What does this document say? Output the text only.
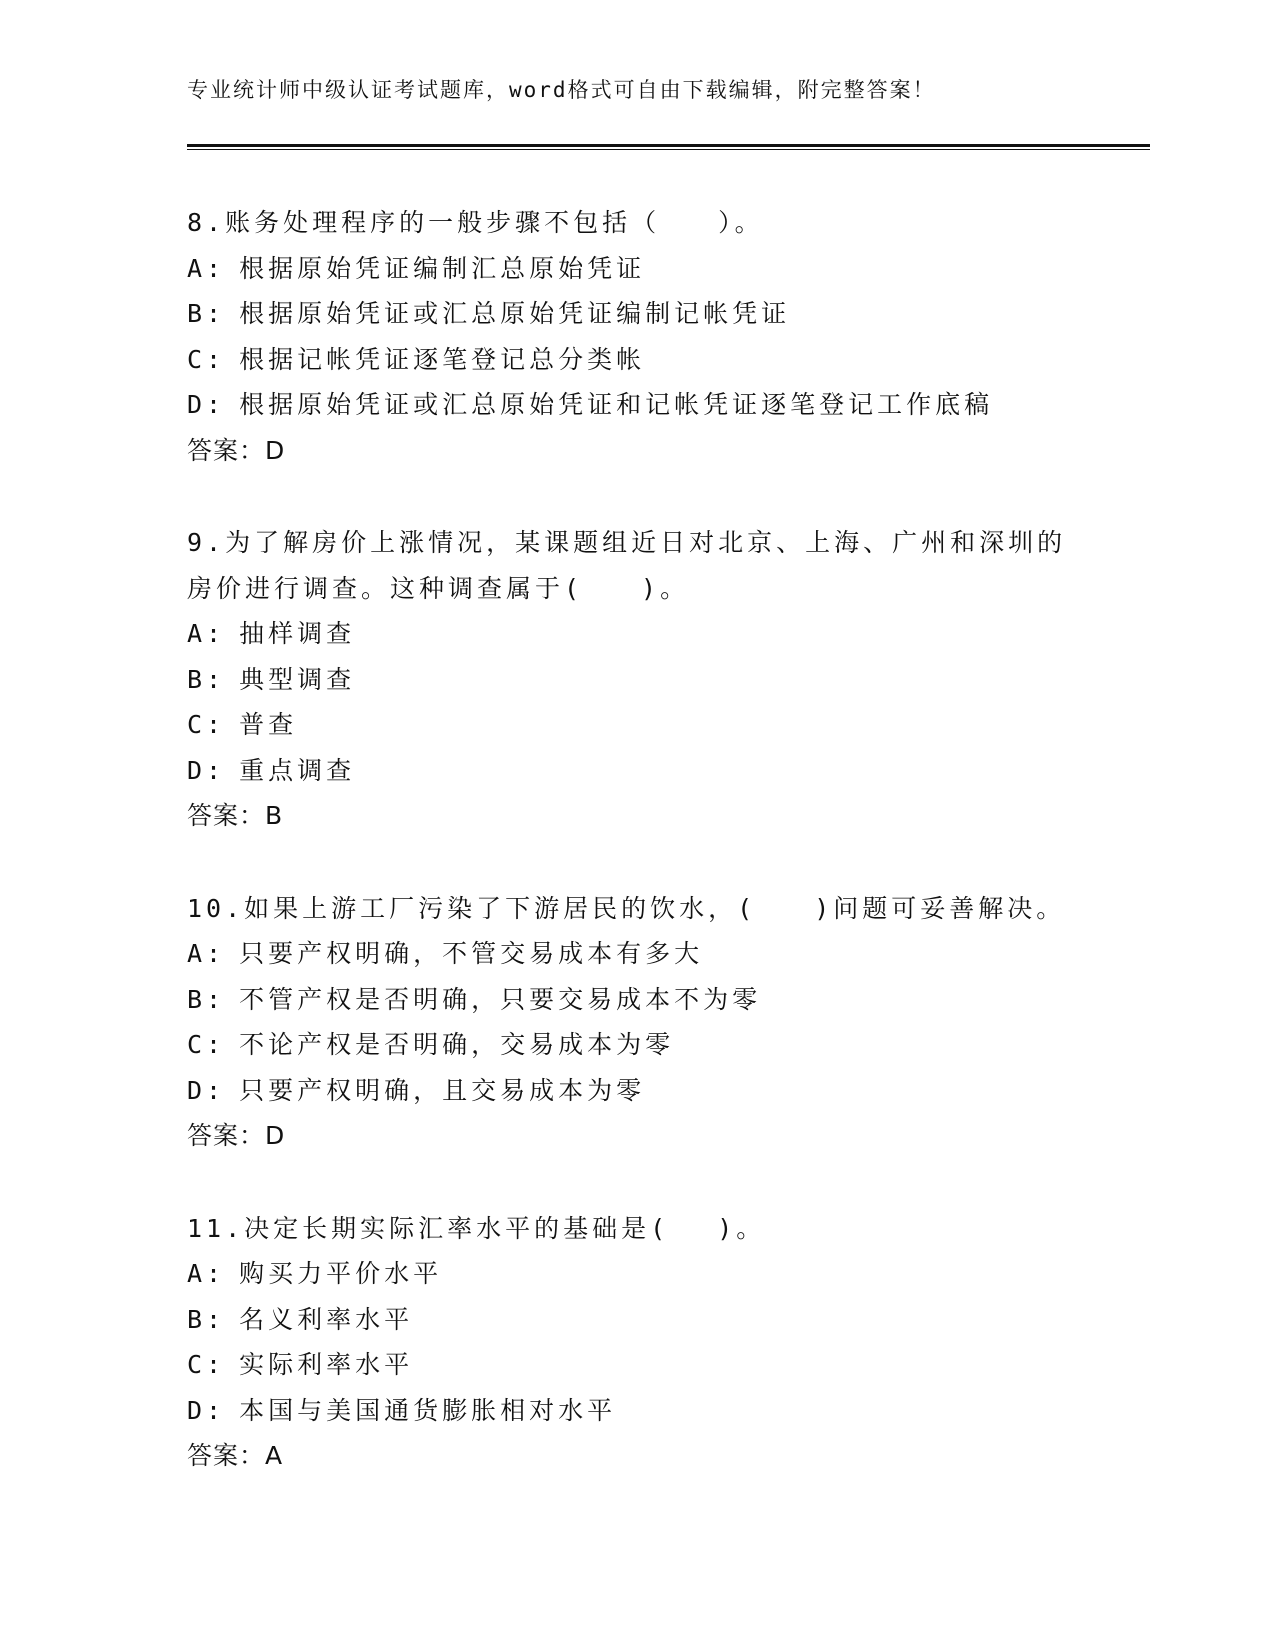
专业统计师中级认证考试题库，word格式可自由下载编辑，附完整答案！
8.账务处理程序的一般步骤不包括（　　）。
A: 根据原始凭证编制汇总原始凭证
B: 根据原始凭证或汇总原始凭证编制记帐凭证
C: 根据记帐凭证逐笔登记总分类帐
D: 根据原始凭证或汇总原始凭证和记帐凭证逐笔登记工作底稿
答案：D
9.为了解房价上涨情况，某课题组近日对北京、上海、广州和深圳的
房价进行调查。这种调查属于(　　)。
A: 抽样调查
B: 典型调查
C: 普查
D: 重点调查
答案：B
10.如果上游工厂污染了下游居民的饮水，(　　)问题可妥善解决。
A: 只要产权明确，不管交易成本有多大
B: 不管产权是否明确，只要交易成本不为零
C: 不论产权是否明确，交易成本为零
D: 只要产权明确，且交易成本为零
答案：D
11.决定长期实际汇率水平的基础是(　 )。
A: 购买力平价水平
B: 名义利率水平
C: 实际利率水平
D: 本国与美国通货膨胀相对水平
答案：A
